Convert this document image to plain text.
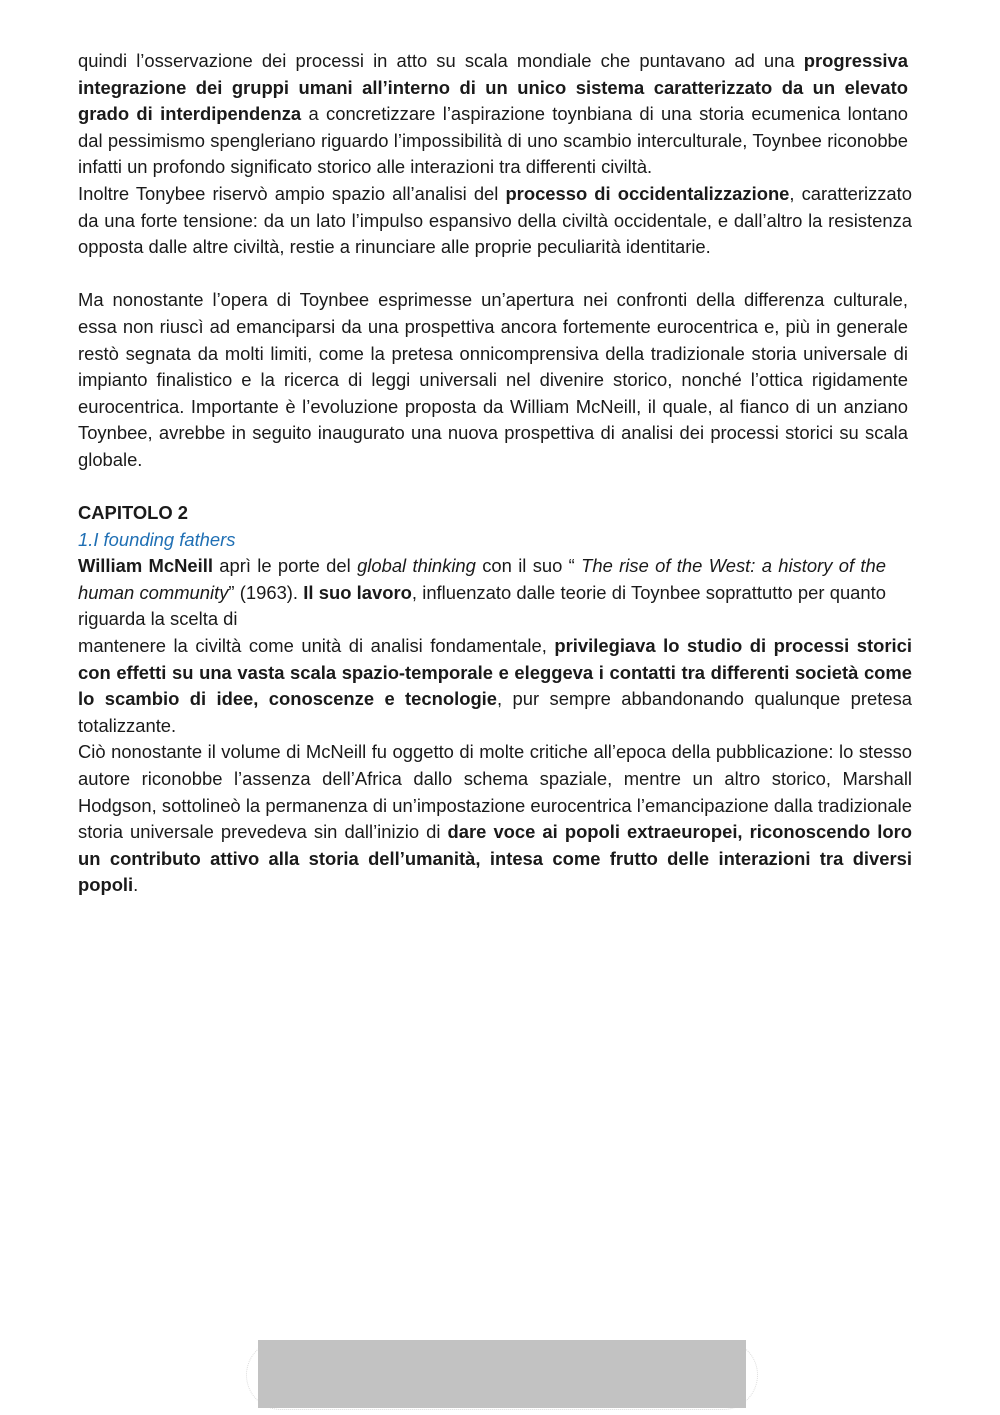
quindi l’osservazione dei processi in atto su scala mondiale che puntavano ad una progressiva integrazione dei gruppi umani all’interno di un unico sistema caratterizzato da un elevato grado di interdipendenza a concretizzare l’aspirazione toynbiana di una storia ecumenica lontano dal pessimismo spengleriano riguardo l’impossibilità di uno scambio interculturale, Toynbee riconobbe infatti un profondo significato storico alle interazioni tra differenti civiltà.

Inoltre Tonybee riservò ampio spazio all’analisi del processo di occidentalizzazione, caratterizzato da una forte tensione: da un lato l’impulso espansivo della civiltà occidentale, e dall’altro la resistenza opposta dalle altre civiltà, restie a rinunciare alle proprie peculiarità identitarie.

Ma nonostante l’opera di Toynbee esprimesse un’apertura nei confronti della differenza culturale, essa non riuscì ad emanciparsi da una prospettiva ancora fortemente eurocentrica e, più in generale restò segnata da molti limiti, come la pretesa onnicomprensiva della tradizionale storia universale di impianto finalistico e la ricerca di leggi universali nel divenire storico, nonché l’ottica rigidamente eurocentrica. Importante è l’evoluzione proposta da William McNeill, il quale, al fianco di un anziano Toynbee, avrebbe in seguito inaugurato una nuova prospettiva di analisi dei processi storici su scala globale.

CAPITOLO 2

1.I founding fathers

William McNeill aprì le porte del global thinking con il suo “ The rise of the West: a history of the human community” (1963). Il suo lavoro, influenzato dalle teorie di Toynbee soprattutto per quanto riguarda la scelta di

mantenere la civiltà come unità di analisi fondamentale, privilegiava lo studio di processi storici con effetti su una vasta scala spazio-temporale e eleggeva i contatti tra differenti società come lo scambio di idee, conoscenze e tecnologie, pur sempre abbandonando qualunque pretesa totalizzante.

Ciò nonostante il volume di McNeill fu oggetto di molte critiche all’epoca della pubblicazione: lo stesso autore riconobbe l’assenza dell’Africa dallo schema spaziale, mentre un altro storico, Marshall Hodgson, sottolineò la permanenza di un’impostazione eurocentrica l’emancipazione dalla tradizionale storia universale prevedeva sin dall’inizio di dare voce ai popoli extraeuropei, riconoscendo loro un contributo attivo alla storia dell’umanità, intesa come frutto delle interazioni tra diversi popoli.
